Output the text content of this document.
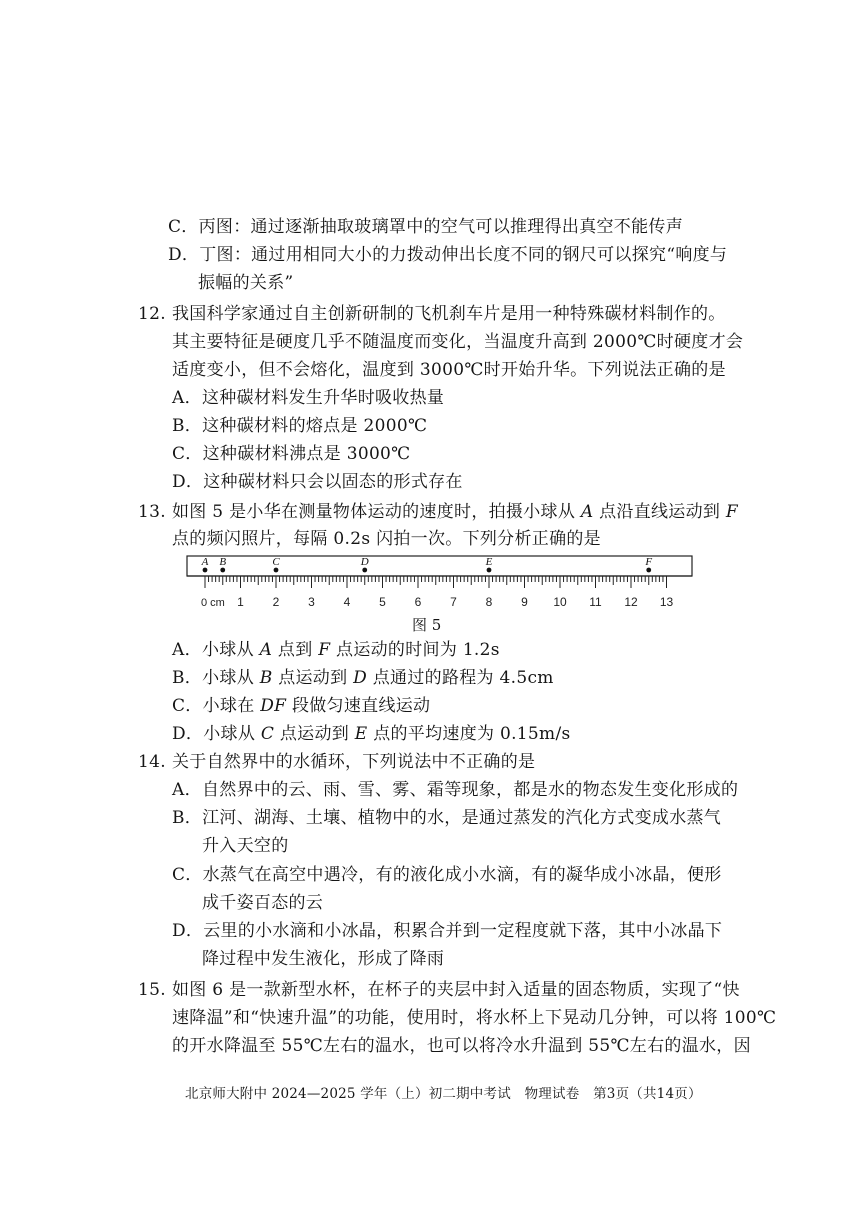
C．丙图：通过逐渐抽取玻璃罩中的空气可以推理得出真空不能传声
D．丁图：通过用相同大小的力拨动伸出长度不同的钢尺可以探究“响度与
振幅的关系”
12. 我国科学家通过自主创新研制的飞机刹车片是用一种特殊碳材料制作的。
其主要特征是硬度几乎不随温度而变化，当温度升高到 2000℃时硬度才会
适度变小，但不会熔化，温度到 3000℃时开始升华。下列说法正确的是
A．这种碳材料发生升华时吸收热量
B．这种碳材料的熔点是 2000℃
C．这种碳材料沸点是 3000℃
D．这种碳材料只会以固态的形式存在
13. 如图 5 是小华在测量物体运动的速度时，拍摄小球从 A 点沿直线运动到 F
点的频闪照片，每隔 0.2s 闪拍一次。下列分析正确的是
0 cm 1 2 3 4 5 6 7 8 9 10 11 12 13
A B	C	D	E	F
图 5
A．小球从 A 点到 F 点运动的时间为 1.2s
B．小球从 B 点运动到 D 点通过的路程为 4.5cm
C．小球在 DF 段做匀速直线运动
D．小球从 C 点运动到 E 点的平均速度为 0.15m/s
14. 关于自然界中的水循环，下列说法中不正确的是
A．自然界中的云、雨、雪、雾、霜等现象，都是水的物态发生变化形成的
B．江河、湖海、土壤、植物中的水，是通过蒸发的汽化方式变成水蒸气
升入天空的
C．水蒸气在高空中遇冷，有的液化成小水滴，有的凝华成小冰晶，便形
成千姿百态的云
D．云里的小水滴和小冰晶，积累合并到一定程度就下落，其中小冰晶下
降过程中发生液化，形成了降雨
15. 如图 6 是一款新型水杯，在杯子的夹层中封入适量的固态物质，实现了“快
速降温”和“快速升温”的功能，使用时，将水杯上下晃动几分钟，可以将 100℃
的开水降温至 55℃左右的温水，也可以将冷水升温到 55℃左右的温水，因
北京师大附中 2024—2025 学年（上）初二期中考试　物理试卷　第3页（共14页）
